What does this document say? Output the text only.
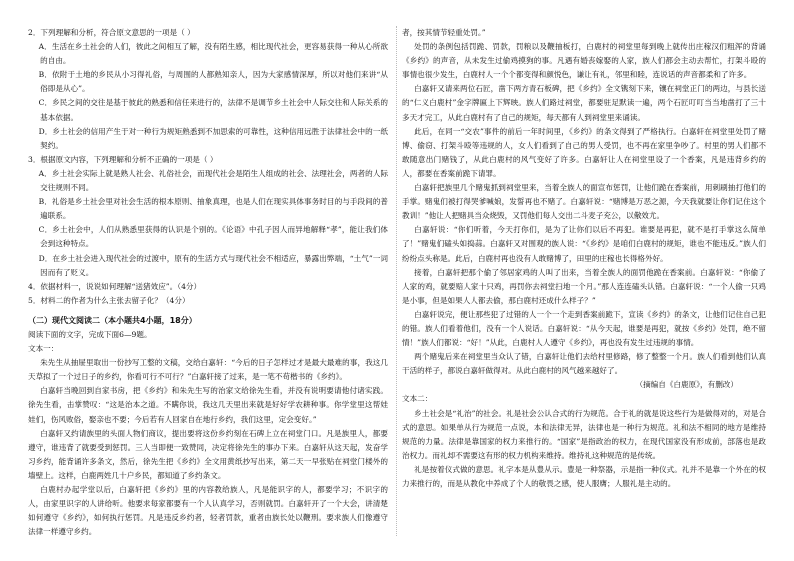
2．下列理解和分析，符合原文意思的一项是（ ）

A．生活在乡土社会的人们，彼此之间相互了解，没有陌生感，相比现代社会，更容易获得一种从心所欲的自由。

B．依附于土地的乡民从小习得礼俗，与周围的人都熟知亲人，因为大家感情深厚，所以对他们来讲“从俗即是从心”。

C．乡民之间的交往是基于彼此的熟悉和信任来进行的，法律不是调节乡土社会中人际交往和人际关系的基本依据。

D．乡土社会的信用产生于对一种行为规矩熟悉到不加思索的可靠性，这种信用远胜于法律社会中的一纸契约。

3．根据原文内容，下列理解和分析不正确的一项是（ ）

A．乡土社会实际上就是熟人社会、礼俗社会，而现代社会是陌生人组成的社会、法理社会，两者的人际交往规则不同。

B．礼俗是乡土社会里对社会生活的根本原则、抽象真理，也是人们在现实具体事务时目的与手段间的普遍联系。

C．乡土社会中，人们从熟悉里获得的认识是个别的。《论语》中孔子因人而异地解释“孝”，能让我们体会到这种特点。

D．在乡土社会进入现代社会的过渡中，原有的生活方式与现代社会不相适应，暴露出弊端，“土气”一词因而有了贬义。

4．依据材料一，说说如何理解“送猪效应”。（4分）

5．材料二的作者为什么主张去留子化？（4分）

（二）现代文阅读二（本小题共4小题，18分）

阅读下面的文字，完成下面6—9题。

文本一：

朱先生从抽屉里取出一份抄写工整的文稿，交给白嘉轩：“今后的日子怎样过才是最大最难的事，我这几天草拟了一个过日子的乡约，你看可行不可行？”白嘉轩接了过来，是一笔不苟楷书的《乡约》。

白嘉轩当晚回到自家书房，把《乡约》和朱先生写的治家文给徐先生看，并没有说明要请他付诸实践。徐先生看，击掌赞叹：“这是治本之道。不瞒你说，我这几天里出来就是好好学农耕种事。你学堂里这帮娃娃们，伤风败俗，娶亲也不要；今后若有人回家自在地行乡约，我们这里，定会变好。”

白嘉轩又约请族里的头面人物们商议，提出要将这份乡约刻在石碑上立在祠堂门口。凡是族里人，都要遵守，谁违背了就要受到惩罚。三人当即便一致赞同，决定将徐先生的事办下来。白嘉轩从这天起，发奋学习乡约，能背诵许多条文，然后，徐先生把《乡约》全文用黄纸抄写出来，第二天一早张贴在祠堂门楼外的墙壁上。这样，白鹿两姓几十户乡民，都知道了乡约条文。

白鹿村办起学堂以后，白嘉轩把《乡约》里的内容教给族人，凡是能识字的人，都要学习；不识字的人，由家里识字的人讲给听。他要求每家都要有一个人认真学习，否则就罚。白嘉轩开了一个大会，讲清楚如何遵守《乡约》，如何执行惩罚。凡是违反乡约者，轻者罚款，重者由族长处以鞭刑。要求族人们像遵守法律一样遵守乡约。

者，按其情节轻重处罚。”

处罚的条例包括罚跪、罚款，罚粮以及鞭抽板打，白鹿村的祠堂里每到晚上就传出庄稼汉们粗浑的背诵《乡约》的声音，从未发生过偷鸡摸狗的事。凡遇有婚丧嫁娶的人家，族人们都会主动去帮忙，打架斗殴的事情也很少发生，白鹿村人一个个都变得和颜悦色，谦让有礼，邻里和睦，连说话的声音都柔和了许多。

白嘉轩又请来两位石匠，凿下两方青石板碑，把《乡约》全文镌刻下来，镶在祠堂正门的两边，与县长送的“仁义白鹿村”金字牌匾上下辉映。族人们路过祠堂，都要驻足默读一遍，两个石匠叮叮当当地凿打了三十多天才完工，从此白鹿村有了自己的规矩，每天都有人到祠堂里来诵读。

此后，在同一“交农”事件的前后一年时间里，《乡约》的条文得到了严格执行。白嘉轩在祠堂里处罚了赌博、偷窃、打架斗殴等违规的人，女人们看到了自己的男人受罚，也不再在家里争吵了。村里的男人们都不敢随意出门赌钱了，从此白鹿村的风气变好了许多。白嘉轩让人在祠堂里设了一个香案，凡是违背乡约的人，都要在香案前跪下请罪。

白嘉轩把族里几个赌鬼抓到祠堂里来，当着全族人的面宣布惩罚，让他们跪在香案前，用刺刷抽打他们的手掌。赌鬼们被打得哭爹喊娘，发誓再也不赌了。白嘉轩说：“赌博是万恶之源，今天我就要让你们记住这个教训！”他让人把赌具当众烧毁，又罚他们每人交出二斗麦子充公，以儆效尤。

白嘉轩说：“你们听着，今天打你们，是为了让你们以后不再犯。谁要是再犯，就不是打手掌这么简单了！”赌鬼们磕头如捣蒜。白嘉轩又对围观的族人说：“《乡约》是咱们白鹿村的规矩，谁也不能违反。”族人们纷纷点头称是。此后，白鹿村再也没有人敢赌博了，田里的庄稼也长得格外好。

接着，白嘉轩把那个偷了邻居家鸡的人叫了出来，当着全族人的面罚他跪在香案前。白嘉轩说：“你偷了人家的鸡，就要赔人家十只鸡，再罚你去祠堂扫地一个月。”那人连连磕头认错。白嘉轩说：“一个人偷一只鸡是小事，但是如果人人都去偷，那白鹿村还成什么样子？”

白嘉轩说完，便让那些犯了过错的人一个一个走到香案前跪下，宣读《乡约》的条文，让他们记住自己犯的错。族人们看着他们，没有一个人说话。白嘉轩说：“从今天起，谁要是再犯，就按《乡约》处罚，绝不留情！”族人们都说：“好！”从此，白鹿村人人遵守《乡约》，再也没有发生过违规的事情。

两个赌鬼后来在祠堂里当众认了错，白嘉轩让他们去给村里修路，修了整整一个月。族人们看到他们认真干活的样子，都说白嘉轩做得对。从此白鹿村的风气越来越好了。

（摘编自《白鹿原》，有删改）

文本二：

乡土社会是“礼治”的社会。礼是社会公认合式的行为规范。合于礼的就是说这些行为是做得对的，对是合式的意思。如果单从行为规范一点说，本和法律无异，法律也是一种行为规范。礼和法不相同的地方是维持规范的力量。法律是靠国家的权力来推行的。“国家”是指政治的权力，在现代国家没有形成前，部落也是政治权力。而礼却不需要这有形的权力机构来维持。维持礼这种规范的是传统。

礼是按着仪式做的意思。礼字本是从豊从示。豊是一种祭器，示是指一种仪式。礼并不是靠一个外在的权力来推行的，而是从教化中养成了个人的敬畏之感，使人服膺；人服礼是主动的。
